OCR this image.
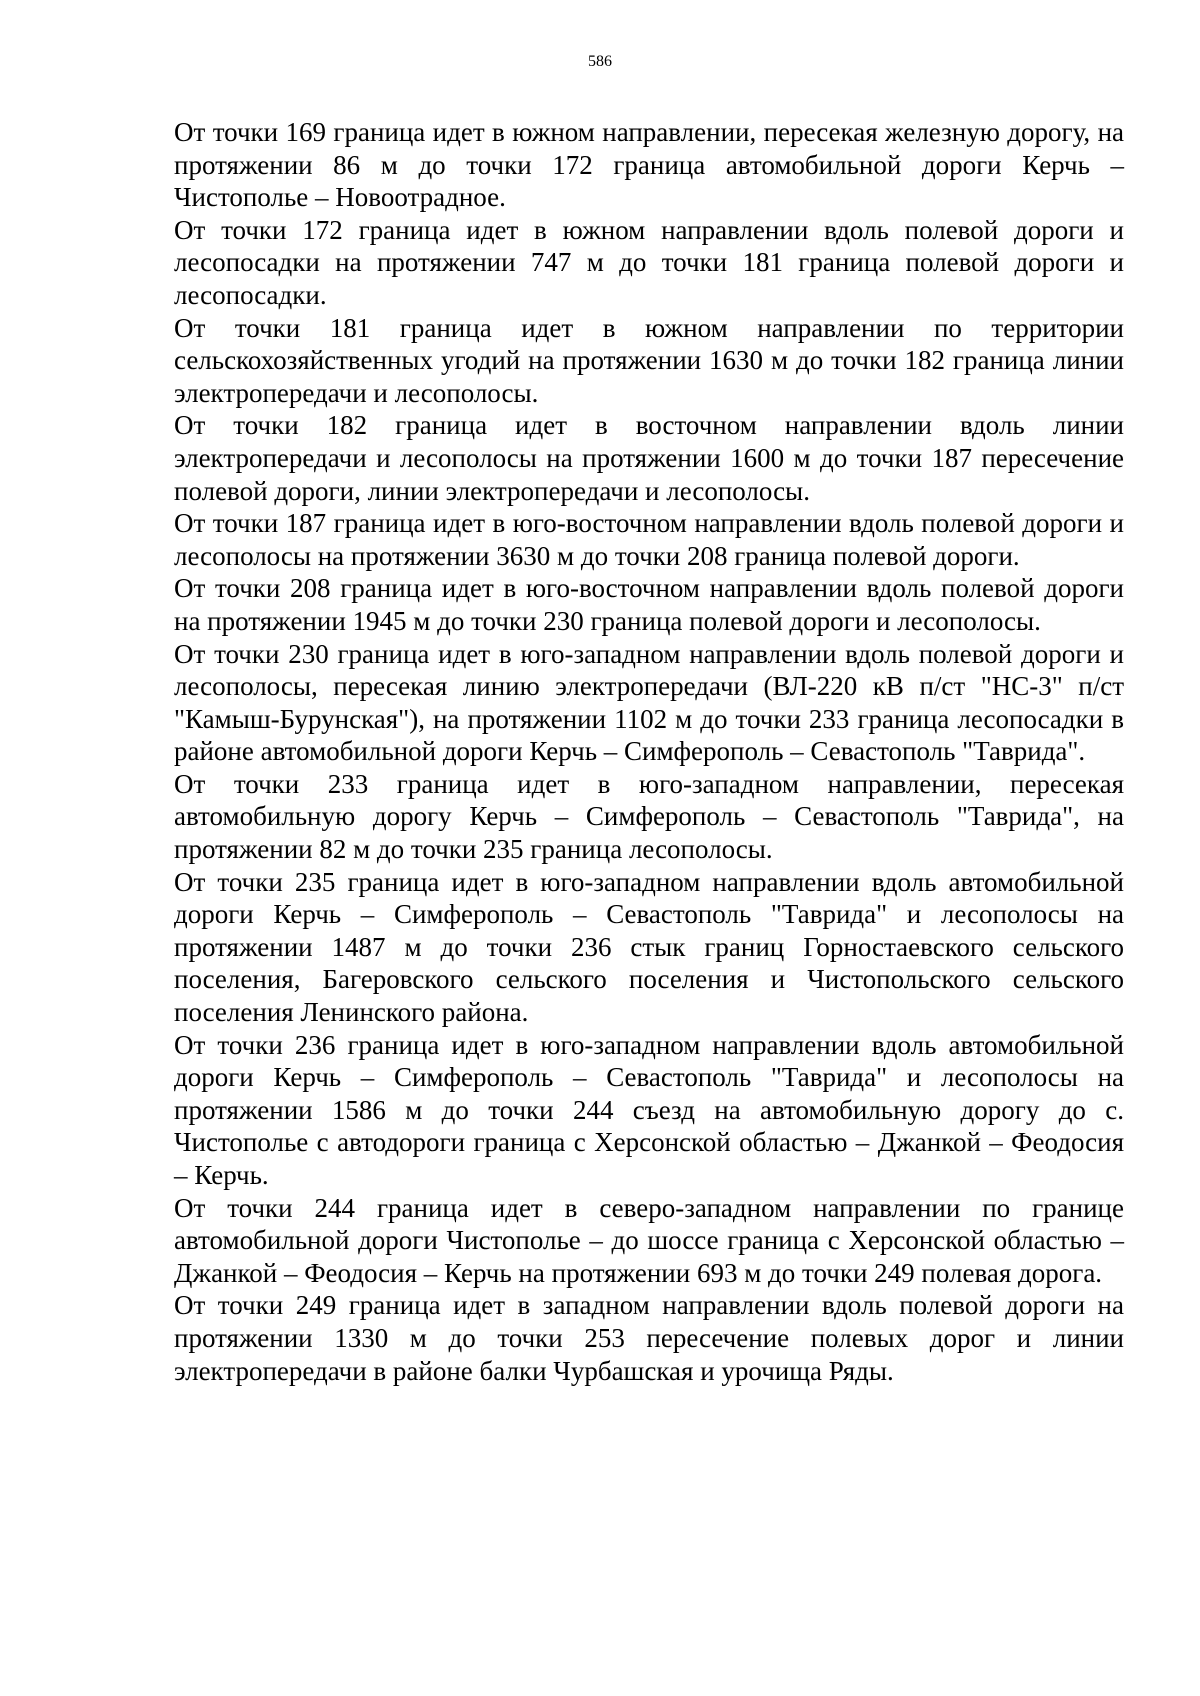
586

От точки 169 граница идет в южном направлении, пересекая железную дорогу, на протяжении 86 м до точки 172 граница автомобильной дороги Керчь – Чистополье – Новоотрадное.

От точки 172 граница идет в южном направлении вдоль полевой дороги и лесопосадки на протяжении 747 м до точки 181 граница полевой дороги и лесопосадки.

От точки 181 граница идет в южном направлении по территории сельскохозяйственных угодий на протяжении 1630 м до точки 182 граница линии электропередачи и лесополосы.

От точки 182 граница идет в восточном направлении вдоль линии электропередачи и лесополосы на протяжении 1600 м до точки 187 пересечение полевой дороги, линии электропередачи и лесополосы.

От точки 187 граница идет в юго-восточном направлении вдоль полевой дороги и лесополосы на протяжении 3630 м до точки 208 граница полевой дороги.

От точки 208 граница идет в юго-восточном направлении вдоль полевой дороги на протяжении 1945 м до точки 230 граница полевой дороги и лесополосы.

От точки 230 граница идет в юго-западном направлении вдоль полевой дороги и лесополосы, пересекая линию электропередачи (ВЛ-220 кВ п/ст "НС-3" п/ст "Камыш-Бурунская"), на протяжении 1102 м до точки 233 граница лесопосадки в районе автомобильной дороги Керчь – Симферополь – Севастополь "Таврида".

От точки 233 граница идет в юго-западном направлении, пересекая автомобильную дорогу Керчь – Симферополь – Севастополь "Таврида", на протяжении 82 м до точки 235 граница лесополосы.

От точки 235 граница идет в юго-западном направлении вдоль автомобильной дороги Керчь – Симферополь – Севастополь "Таврида" и лесополосы на протяжении 1487 м до точки 236 стык границ Горностаевского сельского поселения, Багеровского сельского поселения и Чистопольского сельского поселения Ленинского района.

От точки 236 граница идет в юго-западном направлении вдоль автомобильной дороги Керчь – Симферополь – Севастополь "Таврида" и лесополосы на протяжении 1586 м до точки 244 съезд на автомобильную дорогу до с. Чистополье с автодороги граница с Херсонской областью – Джанкой – Феодосия – Керчь.

От точки 244 граница идет в северо-западном направлении по границе автомобильной дороги Чистополье – до шоссе граница с Херсонской областью – Джанкой – Феодосия – Керчь на протяжении 693 м до точки 249 полевая дорога.

От точки 249 граница идет в западном направлении вдоль полевой дороги на протяжении 1330 м до точки 253 пересечение полевых дорог и линии электропередачи в районе балки Чурбашская и урочища Ряды.
